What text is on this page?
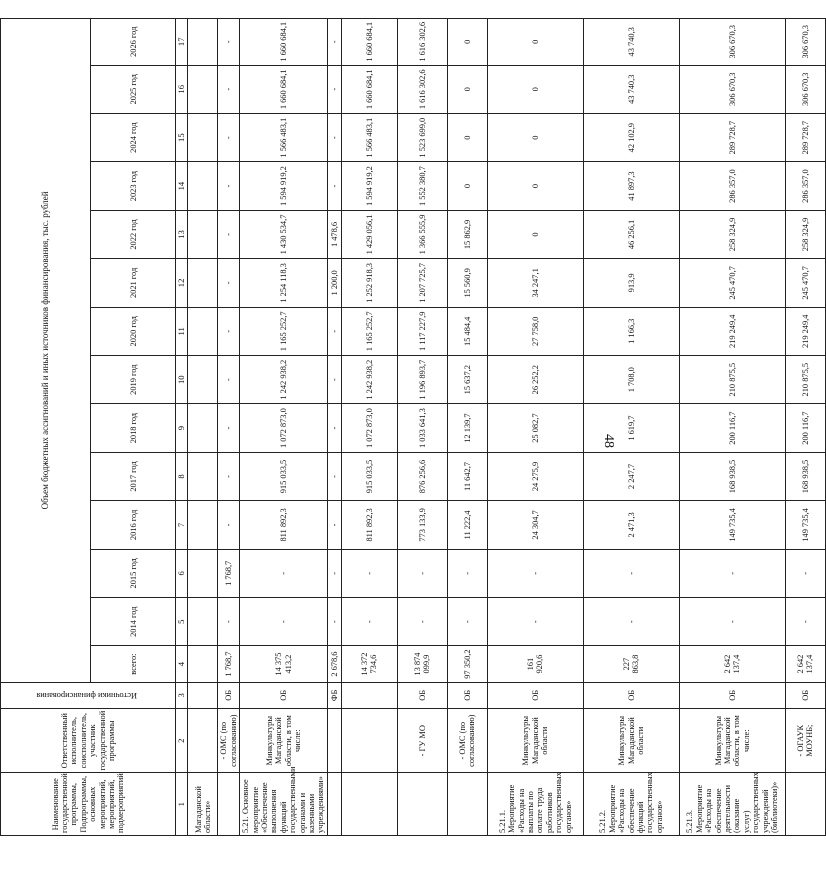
48
Наименование государственной программы, Подпрограммы, основных мероприятий, мероприятий, подмероприятий	Ответственный исполнитель, соисполнитель, участник государственной программы	Источники финансирования	Объем бюджетных ассигнований и иных источников финансирования, тыс. рублей													
			всего:	2014 год	2015 год	2016 год	2017 год	2018 год	2019 год	2020 год	2021 год	2022 год	2023 год	2024 год	2025 год	2026 год
1	2	3	4	5	6	7	8	9	10	11	12	13	14	15	16	17
Магаданской области»																
	- ОМС (по согласованию)	ОБ	1 768,7	-	1 768,7	-	-	-	-	-	-	-	-	-	-	-
5.21. Основное мероприятие «Обеспечение выполнения функций государственными органами и казенными учреждениями»	Минкультуры Магаданской области, в том числе:	ОБ	14 375 413,2	-	-	811 892,3	915 033,5	1 072 873,0	1 242 938,2	1 165 252,7	1 254 118,3	1 430 534,7	1 594 919,2	1 566 483,1	1 660 684,1	1 660 684,1
		ФБ	2 678,6	-	-	-	-	-	-	-	1 200,0	1 478,6	-	-	-	-
			14 372 734,6	-	-	811 892,3	915 033,5	1 072 873,0	1 242 938,2	1 165 252,7	1 252 918,3	1 429 056,1	1 594 919,2	1 566 483,1	1 660 684,1	1 660 684,1
	- ГУ МО	ОБ	13 874 099,9	-	-	773 133,9	876 256,6	1 033 641,3	1 196 893,7	1 117 227,9	1 207 725,7	1 366 555,9	1 552 380,7	1 523 699,0	1 616 302,6	1 616 302,6
	- ОМС (по согласованию)	ОБ	97 350,2	-	-	11 222,4	11 642,7	12 139,7	15 637,2	15 484,4	15 560,9	15 862,9	0	0	0	0
5.21.1. Мероприятие «Расходы на выплаты по оплате труда работников государственных органов»	Минкультуры Магаданской области	ОБ	161 920,6	-	-	24 304,7	24 275,9	25 082,7	26 252,2	27 758,0	34 247,1	0	0	0	0	0
5.21.2. Мероприятие «Расходы на обеспечение функций государственных органов»	Минкультуры Магаданской области	ОБ	227 863,8	-	-	2 471,3	2 247,7	1 619,7	1 708,0	1 166,3	913,9	46 256,1	41 897,3	42 102,9	43 740,3	43 740,3
5.21.3. Мероприятие «Расходы на обеспечение деятельности (оказание услуг) государственных учреждений (библиотеки)»	Минкультуры Магаданской области, в том числе:	ОБ	2 642 137,4	-	-	149 735,4	168 938,5	200 116,7	210 875,5	219 249,4	245 470,7	258 324,9	286 357,0	289 728,7	306 670,3	306 670,3
	- ОГАУК МОУНБ;	ОБ	2 642 137,4	-	-	149 735,4	168 938,5	200 116,7	210 875,5	219 249,4	245 470,7	258 324,9	286 357,0	289 728,7	306 670,3	306 670,3
